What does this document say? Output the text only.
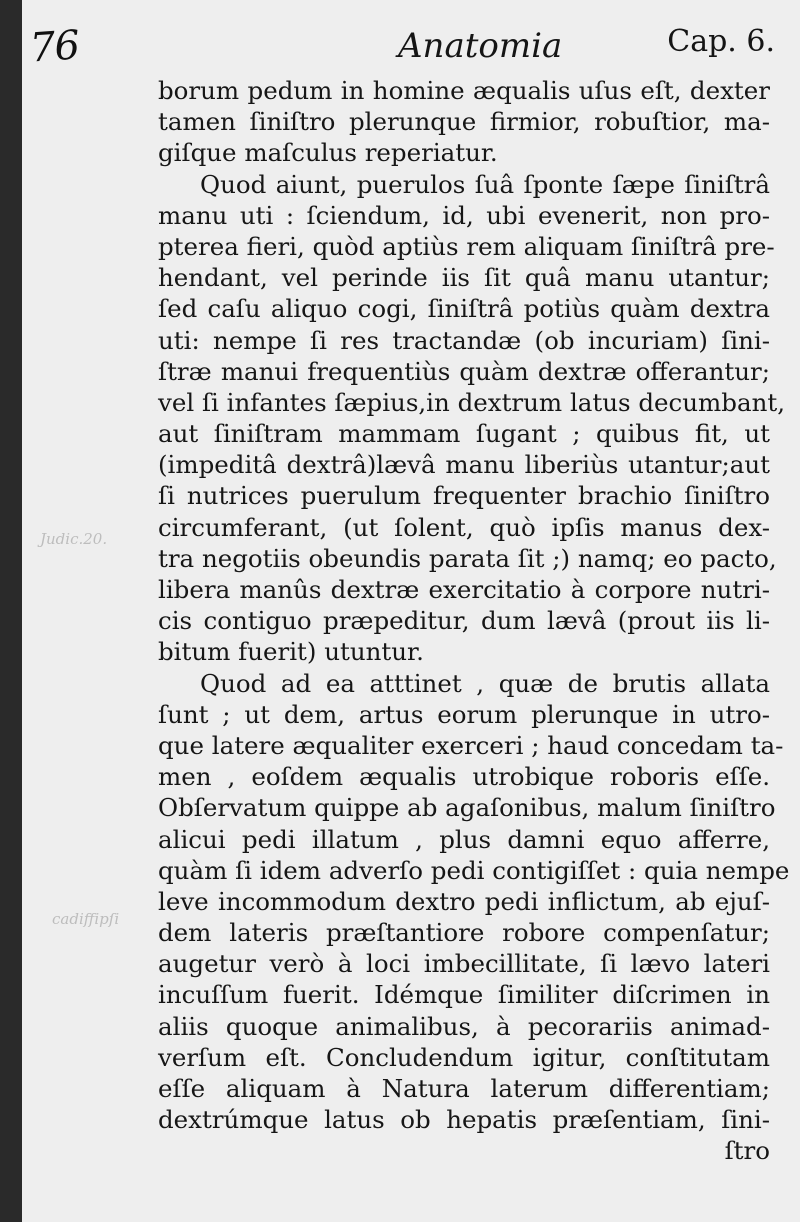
76	Anatomia	Cap. 6.
Judic.20.
cadiffipſi
borum pedum in homine æqualis uſus eſt, dexter
tamen ſiniſtro plerunque firmior, robuſtior, ma-
giſque maſculus reperiatur.
Quod aiunt, puerulos ſuâ ſponte ſæpe ſiniſtrâ
manu uti : ſciendum, id, ubi evenerit, non pro-
pterea fieri, quòd aptiùs rem aliquam ſiniſtrâ pre-
hendant, vel perinde iis ſit quâ manu utantur;
ſed caſu aliquo cogi, ſiniſtrâ potiùs quàm dextra
uti: nempe ſi res tractandæ (ob incuriam) ſini-
ſtræ manui frequentiùs quàm dextræ offerantur;
vel ſi infantes ſæpius,in dextrum latus decumbant,
aut ſiniſtram mammam ſugant ; quibus fit, ut
(impeditâ dextrâ)lævâ manu liberiùs utantur;aut
ſi nutrices puerulum frequenter brachio ſiniſtro
circumferant, (ut ſolent, quò ipſis manus dex-
tra negotiis obeundis parata ſit ;) namq; eo pacto,
libera manûs dextræ exercitatio à corpore nutri-
cis contiguo præpeditur, dum lævâ (prout iis li-
bitum fuerit) utuntur.
Quod ad ea atttinet , quæ de brutis allata
ſunt ; ut dem, artus eorum plerunque in utro-
que latere æqualiter exerceri ; haud concedam ta-
men , eoſdem æqualis utrobique roboris eſſe.
Obſervatum quippe ab agaſonibus, malum ſiniſtro
alicui pedi illatum , plus damni equo afferre,
quàm ſi idem adverſo pedi contigiſſet : quia nempe
leve incommodum dextro pedi inflictum, ab ejuſ-
dem lateris præſtantiore robore compenſatur;
augetur verò à loci imbecillitate, ſi lævo lateri
incuſſum fuerit. Idémque ſimiliter diſcrimen in
aliis quoque animalibus, à pecorariis animad-
verſum eſt. Concludendum igitur, conſtitutam
eſſe aliquam à Natura laterum differentiam;
dextrúmque latus ob hepatis præſentiam, ſini-
ſtro
